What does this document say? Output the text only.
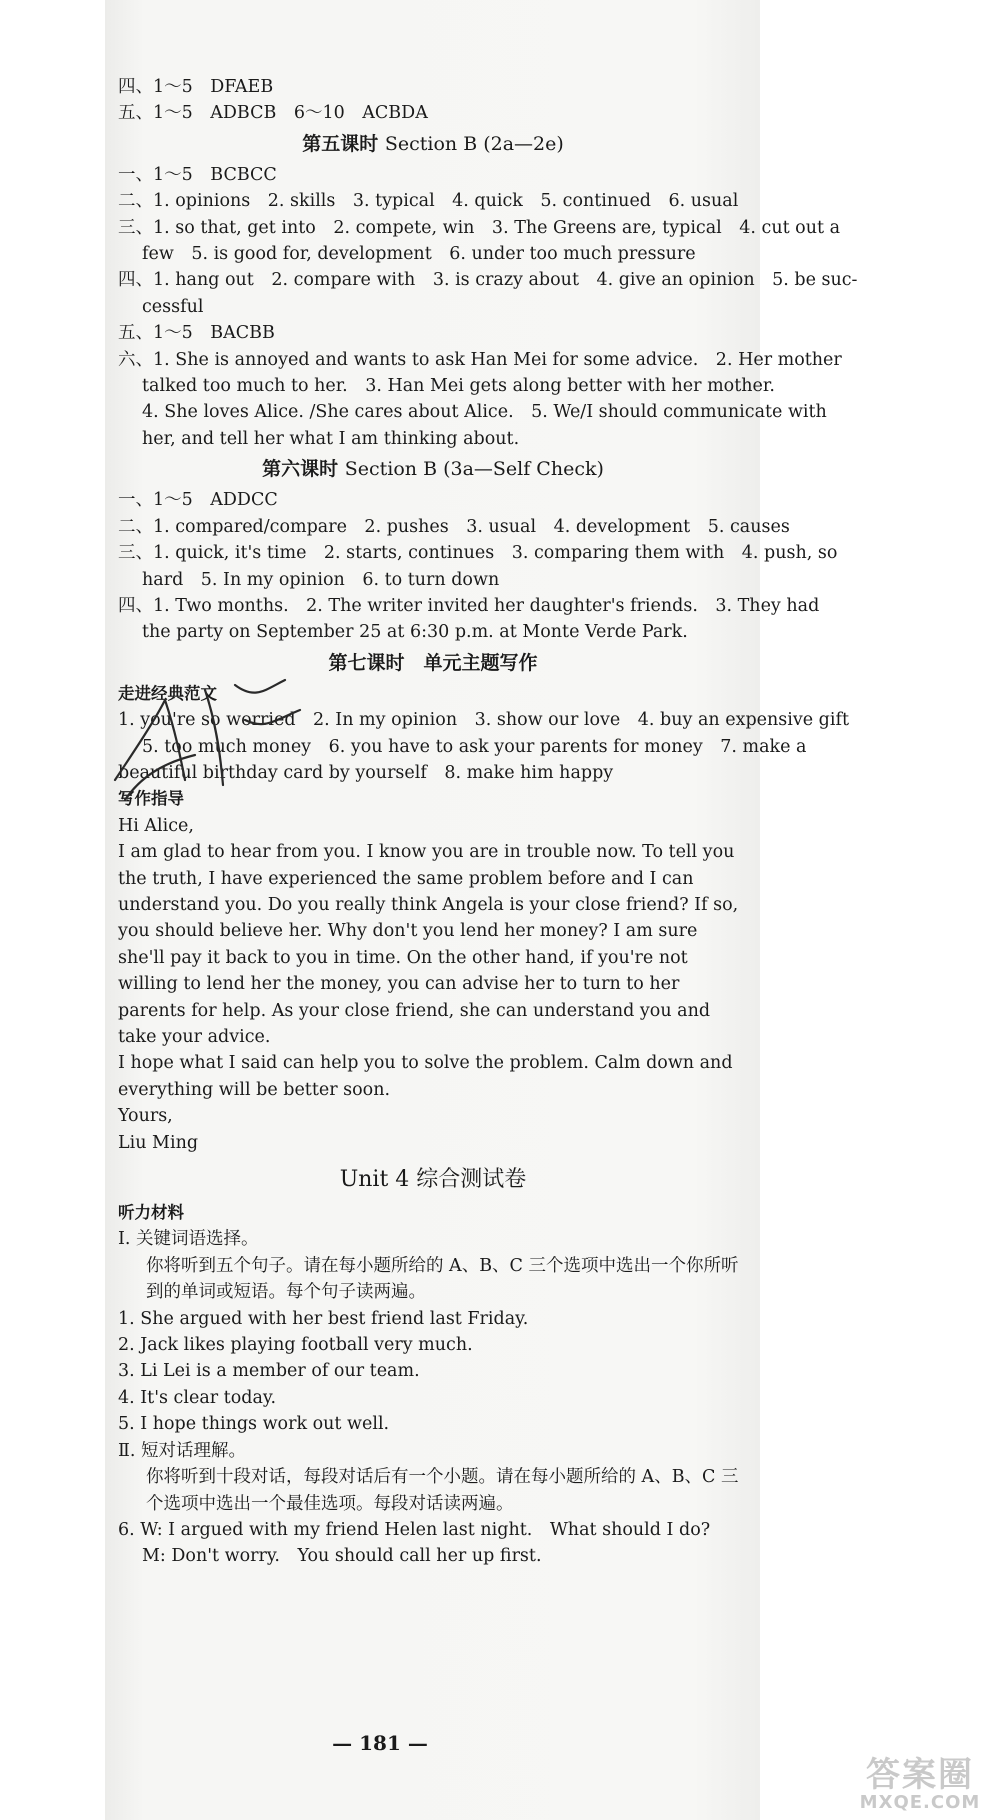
四、1～5　DFAEB
五、1～5　ADBCB　6～10　ACBDA
第五课时 Section B (2a—2e)
一、1～5　BCBCC
二、1. opinions　2. skills　3. typical　4. quick　5. continued　6. usual
三、1. so that, get into　2. compete, win　3. The Greens are, typical　4. cut out a
few　5. is good for, development　6. under too much pressure
四、1. hang out　2. compare with　3. is crazy about　4. give an opinion　5. be suc-
cessful
五、1～5　BACBB
六、1. She is annoyed and wants to ask Han Mei for some advice.　2. Her mother
talked too much to her.　3. Han Mei gets along better with her mother.
4. She loves Alice. /She cares about Alice.　5. We/I should communicate with
her, and tell her what I am thinking about.
第六课时 Section B (3a—Self Check)
一、1～5　ADDCC
二、1. compared/compare　2. pushes　3. usual　4. development　5. causes
三、1. quick, it's time　2. starts, continues　3. comparing them with　4. push, so
hard　5. In my opinion　6. to turn down
四、1. Two months.　2. The writer invited her daughter's friends.　3. They had
the party on September 25 at 6:30 p.m. at Monte Verde Park.
第七课时　单元主题写作
走进经典范文
1. you're so worried　2. In my opinion　3. show our love　4. buy an expensive gift
5. too much money　6. you have to ask your parents for money　7. make a
beautiful birthday card by yourself　8. make him happy
写作指导
Hi Alice,
I am glad to hear from you. I know you are in trouble now. To tell you the truth, I have experienced the same problem before and I can understand you. Do you really think Angela is your close friend? If so, you should believe her. Why don't you lend her money? I am sure she'll pay it back to you in time. On the other hand, if you're not willing to lend her the money, you can advise her to turn to her parents for help. As your close friend, she can understand you and take your advice.
I hope what I said can help you to solve the problem. Calm down and everything will be better soon.
Yours,
Liu Ming
Unit 4 综合测试卷
听力材料
Ⅰ. 关键词语选择。
你将听到五个句子。请在每小题所给的 A、B、C 三个选项中选出一个你所听到的单词或短语。每个句子读两遍。
1. She argued with her best friend last Friday.
2. Jack likes playing football very much.
3. Li Lei is a member of our team.
4. It's clear today.
5. I hope things work out well.
Ⅱ. 短对话理解。
你将听到十段对话，每段对话后有一个小题。请在每小题所给的 A、B、C 三个选项中选出一个最佳选项。每段对话读两遍。
6. W: I argued with my friend Helen last night.　What should I do?
M: Don't worry.　You should call her up first.
— 181 —
答案圈
MXQE.COM
